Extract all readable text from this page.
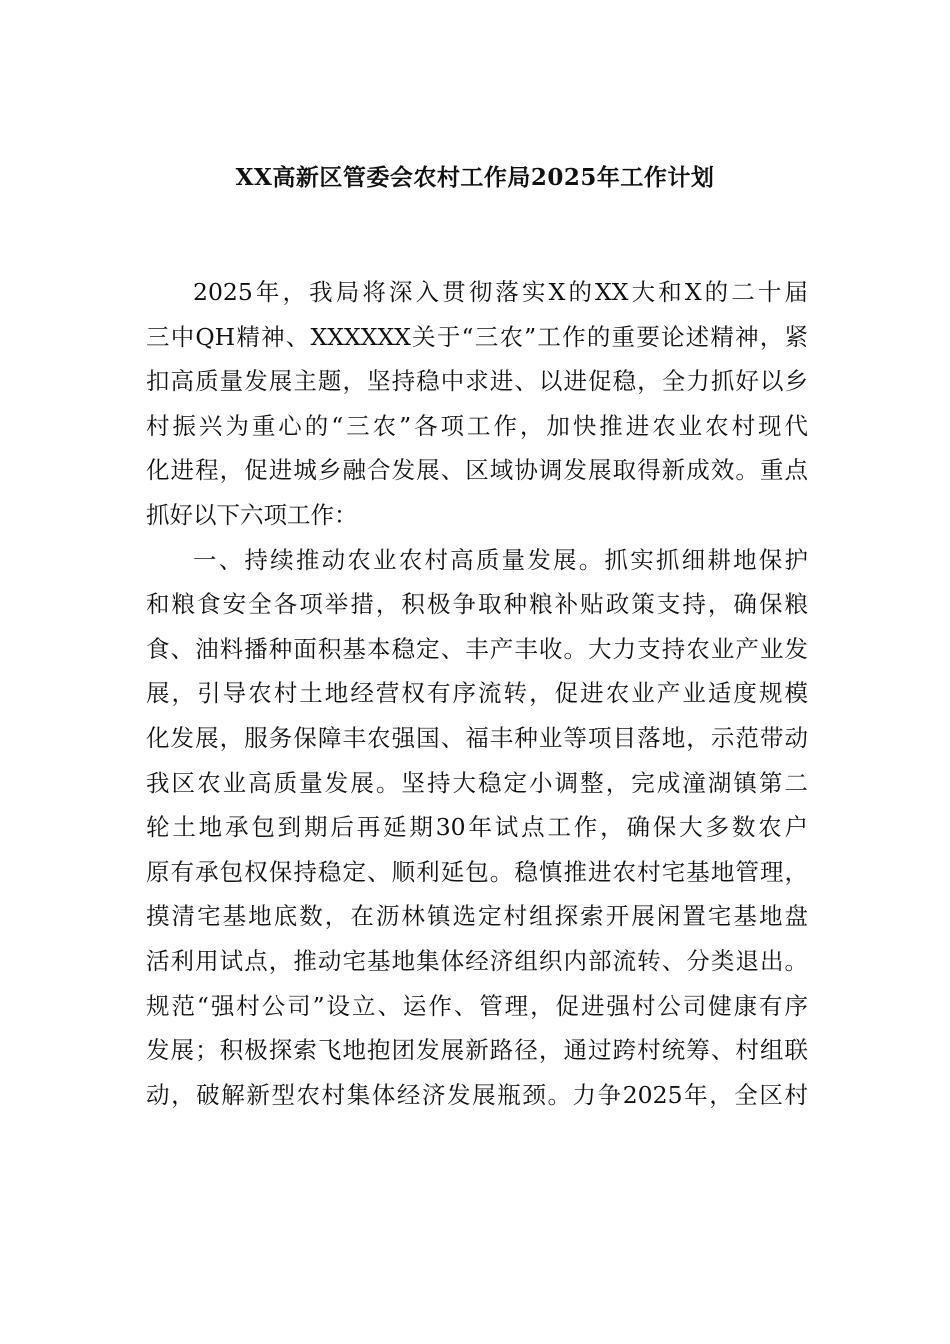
XX高新区管委会农村工作局2025年工作计划
2025年，我局将深入贯彻落实X的XX大和X的二十届
三中QH精神、XXXXXX关于“三农”工作的重要论述精神，紧
扣高质量发展主题，坚持稳中求进、以进促稳，全力抓好以乡
村振兴为重心的“三农”各项工作，加快推进农业农村现代
化进程，促进城乡融合发展、区域协调发展取得新成效。重点
抓好以下六项工作：
一、持续推动农业农村高质量发展。抓实抓细耕地保护
和粮食安全各项举措，积极争取种粮补贴政策支持，确保粮
食、油料播种面积基本稳定、丰产丰收。大力支持农业产业发
展，引导农村土地经营权有序流转，促进农业产业适度规模
化发展，服务保障丰农强国、福丰种业等项目落地，示范带动
我区农业高质量发展。坚持大稳定小调整，完成潼湖镇第二
轮土地承包到期后再延期30年试点工作，确保大多数农户
原有承包权保持稳定、顺利延包。稳慎推进农村宅基地管理，
摸清宅基地底数，在沥林镇选定村组探索开展闲置宅基地盘
活利用试点，推动宅基地集体经济组织内部流转、分类退出。
规范“强村公司”设立、运作、管理，促进强村公司健康有序
发展；积极探索飞地抱团发展新路径，通过跨村统筹、村组联
动，破解新型农村集体经济发展瓶颈。力争2025年，全区村
